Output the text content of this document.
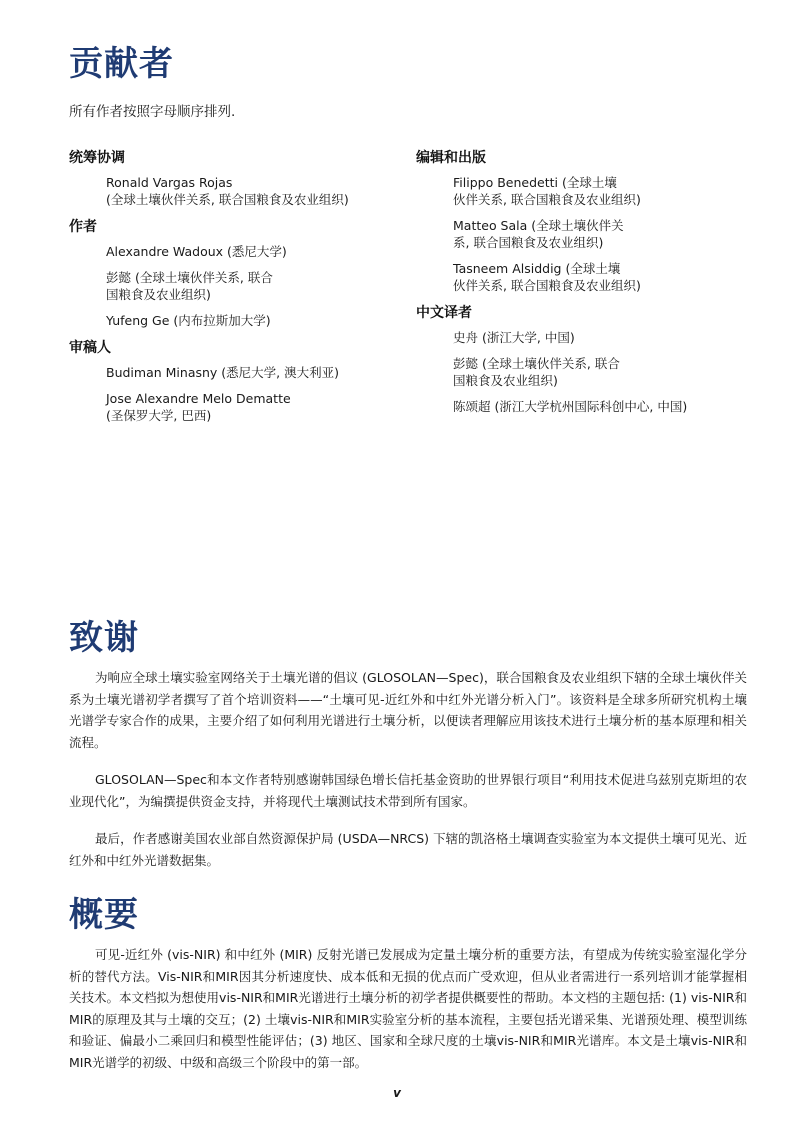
贡献者
所有作者按照字母顺序排列.
统筹协调
Ronald Vargas Rojas
(全球土壤伙伴关系, 联合国粮食及农业组织)
作者
Alexandre Wadoux (悉尼大学)
彭懿 (全球土壤伙伴关系, 联合
国粮食及农业组织)
Yufeng Ge (内布拉斯加大学)
审稿人
Budiman Minasny (悉尼大学, 澳大利亚)
Jose Alexandre Melo Dematte
(圣保罗大学, 巴西)
编辑和出版
Filippo Benedetti (全球土壤
伙伴关系, 联合国粮食及农业组织)
Matteo Sala (全球土壤伙伴关
系, 联合国粮食及农业组织)
Tasneem Alsiddig (全球土壤
伙伴关系, 联合国粮食及农业组织)
中文译者
史舟 (浙江大学, 中国)
彭懿 (全球土壤伙伴关系, 联合
国粮食及农业组织)
陈颂超 (浙江大学杭州国际科创中心, 中国)
致谢

为响应全球土壤实验室网络关于土壤光谱的倡议 (GLOSOLAN—Spec)，联合国粮食及农业组织下辖的全球土壤伙伴关系为土壤光谱初学者撰写了首个培训资料——“土壤可见-近红外和中红外光谱分析入门”。该资料是全球多所研究机构土壤光谱学专家合作的成果，主要介绍了如何利用光谱进行土壤分析，以便读者理解应用该技术进行土壤分析的基本原理和相关流程。

GLOSOLAN—Spec和本文作者特别感谢韩国绿色增长信托基金资助的世界银行项目“利用技术促进乌兹别克斯坦的农业现代化”，为编撰提供资金支持，并将现代土壤测试技术带到所有国家。

最后，作者感谢美国农业部自然资源保护局 (USDA—NRCS) 下辖的凯洛格土壤调查实验室为本文提供土壤可见光、近红外和中红外光谱数据集。

概要

可见-近红外 (vis-NIR) 和中红外 (MIR) 反射光谱已发展成为定量土壤分析的重要方法，有望成为传统实验室湿化学分析的替代方法。Vis-NIR和MIR因其分析速度快、成本低和无损的优点而广受欢迎，但从业者需进行一系列培训才能掌握相关技术。本文档拟为想使用vis-NIR和MIR光谱进行土壤分析的初学者提供概要性的帮助。本文档的主题包括: (1) vis-NIR和MIR的原理及其与土壤的交互；(2) 土壤vis-NIR和MIR实验室分析的基本流程，主要包括光谱采集、光谱预处理、模型训练和验证、偏最小二乘回归和模型性能评估；(3) 地区、国家和全球尺度的土壤vis-NIR和MIR光谱库。本文是土壤vis-NIR和MIR光谱学的初级、中级和高级三个阶段中的第一部。

v
